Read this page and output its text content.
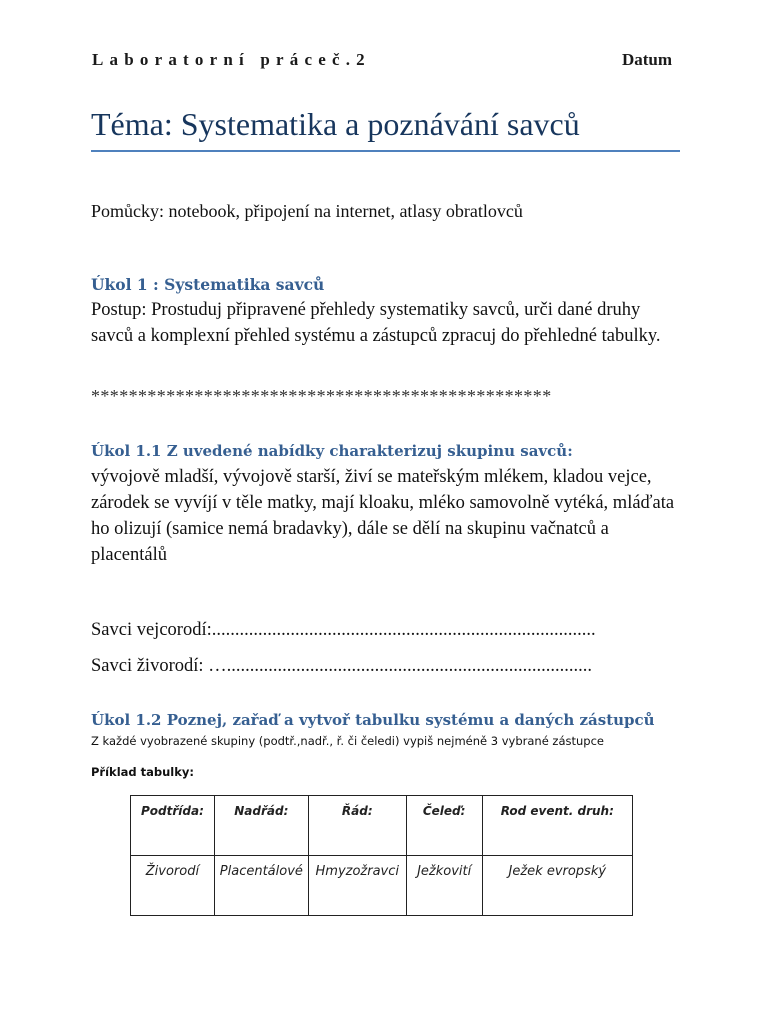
Laboratorní práceč.2	Datum
Téma: Systematika a poznávání savců
Pomůcky: notebook, připojení na internet, atlasy obratlovců
Úkol 1 : Systematika savců
Postup: Prostuduj připravené přehledy systematiky savců, urči dané druhy savců a komplexní přehled systému a zástupců zpracuj do přehledné tabulky.
*************************************************
Úkol 1.1 Z uvedené nabídky charakterizuj skupinu savců:
vývojově mladší, vývojově starší, živí se mateřským mlékem, kladou vejce, zárodek se vyvíjí v těle matky, mají kloaku, mléko samovolně vytéká, mláďata ho olizují (samice nemá bradavky), dále se dělí na skupinu vačnatců a placentálů
Savci vejcorodí:...................................................................................
Savci živorodí: …...............................................................................
Úkol 1.2 Poznej, zařaď a vytvoř tabulku systému a daných zástupců
Z každé vyobrazené skupiny (podtř.,nadř., ř. či čeledi) vypiš nejméně 3 vybrané zástupce
Příklad tabulky:
Podtřída:	Nadřád:	Řád:	Čeleď:	Rod event. druh:
Živorodí	Placentálové	Hmyzožravci	Ježkovití	Ježek evropský
